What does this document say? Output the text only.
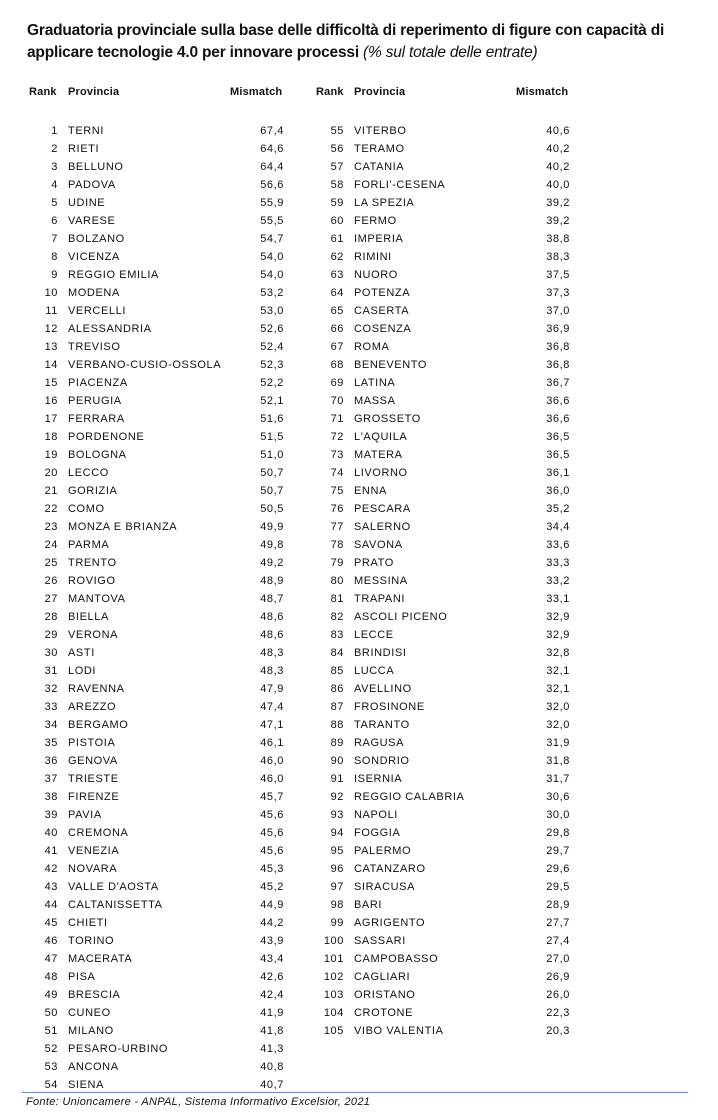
Graduatoria provinciale sulla base delle difficoltà di reperimento di figure con capacità di applicare tecnologie 4.0 per innovare processi (% sul totale delle entrate)
Rank Provincia	Mismatch	Rank Provincia	Mismatch
1 TERNI	67,4
2 RIETI	64,6
3 BELLUNO	64,4
4 PADOVA	56,6
5 UDINE	55,9
6 VARESE	55,5
7 BOLZANO	54,7
8 VICENZA	54,0
9 REGGIO EMILIA	54,0
10 MODENA	53,2
11 VERCELLI	53,0
12 ALESSANDRIA	52,6
13 TREVISO	52,4
14 VERBANO-CUSIO-OSSOLA	52,3
15 PIACENZA	52,2
16 PERUGIA	52,1
17 FERRARA	51,6
18 PORDENONE	51,5
19 BOLOGNA	51,0
20 LECCO	50,7
21 GORIZIA	50,7
22 COMO	50,5
23 MONZA E BRIANZA	49,9
24 PARMA	49,8
25 TRENTO	49,2
26 ROVIGO	48,9
27 MANTOVA	48,7
28 BIELLA	48,6
29 VERONA	48,6
30 ASTI	48,3
31 LODI	48,3
32 RAVENNA	47,9
33 AREZZO	47,4
34 BERGAMO	47,1
35 PISTOIA	46,1
36 GENOVA	46,0
37 TRIESTE	46,0
38 FIRENZE	45,7
39 PAVIA	45,6
40 CREMONA	45,6
41 VENEZIA	45,6
42 NOVARA	45,3
43 VALLE D'AOSTA	45,2
44 CALTANISSETTA	44,9
45 CHIETI	44,2
46 TORINO	43,9
47 MACERATA	43,4
48 PISA	42,6
49 BRESCIA	42,4
50 CUNEO	41,9
51 MILANO	41,8
52 PESARO-URBINO	41,3
53 ANCONA	40,8
54 SIENA	40,7
55 VITERBO	40,6
56 TERAMO	40,2
57 CATANIA	40,2
58 FORLI'-CESENA	40,0
59 LA SPEZIA	39,2
60 FERMO	39,2
61 IMPERIA	38,8
62 RIMINI	38,3
63 NUORO	37,5
64 POTENZA	37,3
65 CASERTA	37,0
66 COSENZA	36,9
67 ROMA	36,8
68 BENEVENTO	36,8
69 LATINA	36,7
70 MASSA	36,6
71 GROSSETO	36,6
72 L'AQUILA	36,5
73 MATERA	36,5
74 LIVORNO	36,1
75 ENNA	36,0
76 PESCARA	35,2
77 SALERNO	34,4
78 SAVONA	33,6
79 PRATO	33,3
80 MESSINA	33,2
81 TRAPANI	33,1
82 ASCOLI PICENO	32,9
83 LECCE	32,9
84 BRINDISI	32,8
85 LUCCA	32,1
86 AVELLINO	32,1
87 FROSINONE	32,0
88 TARANTO	32,0
89 RAGUSA	31,9
90 SONDRIO	31,8
91 ISERNIA	31,7
92 REGGIO CALABRIA	30,6
93 NAPOLI	30,0
94 FOGGIA	29,8
95 PALERMO	29,7
96 CATANZARO	29,6
97 SIRACUSA	29,5
98 BARI	28,9
99 AGRIGENTO	27,7
100 SASSARI	27,4
101 CAMPOBASSO	27,0
102 CAGLIARI	26,9
103 ORISTANO	26,0
104 CROTONE	22,3
105 VIBO VALENTIA	20,3
Fonte: Unioncamere - ANPAL, Sistema Informativo Excelsior, 2021
